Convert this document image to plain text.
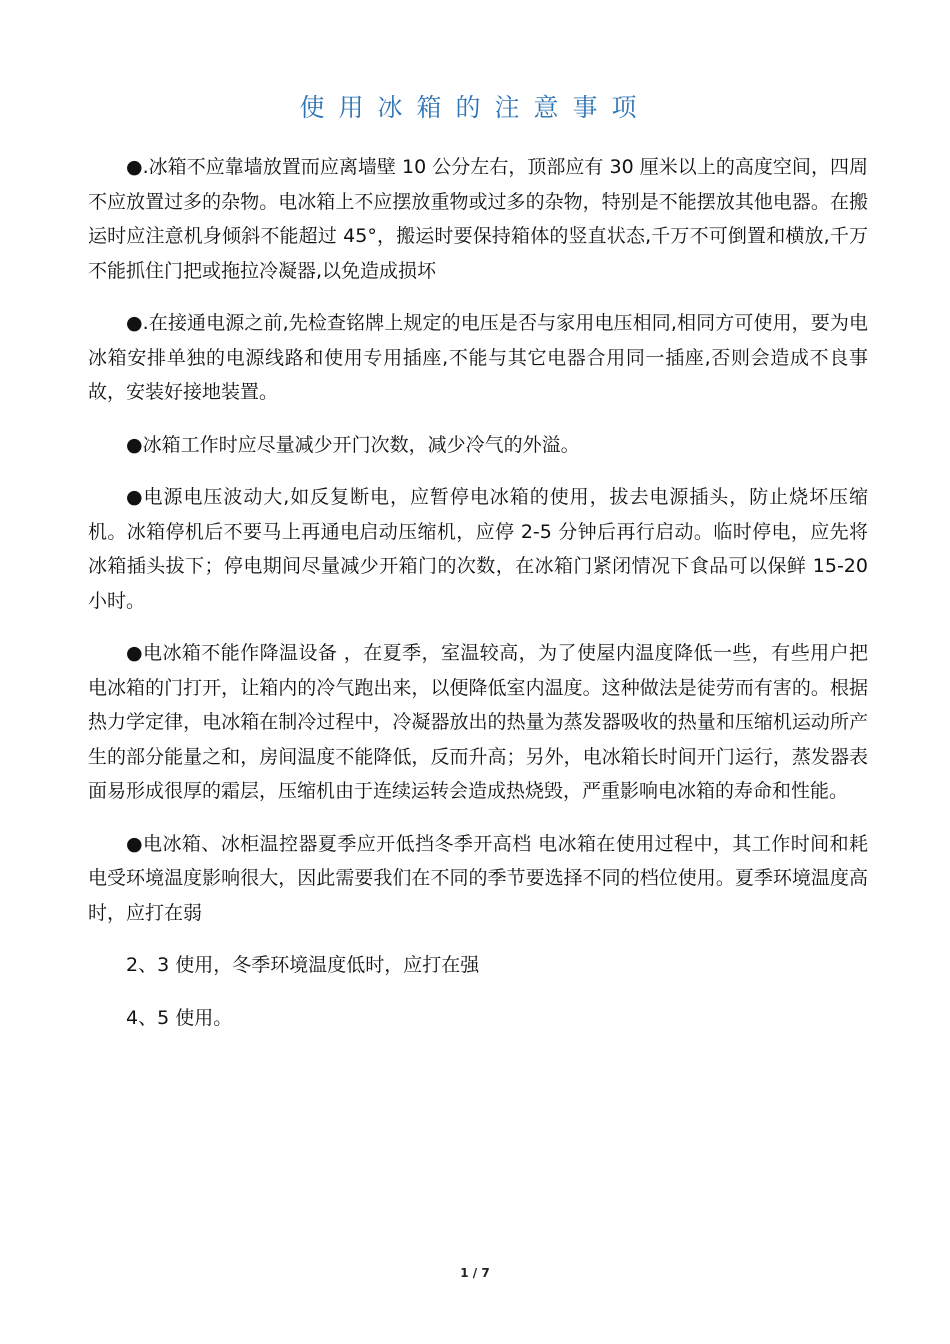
使用冰箱的注意事项

●.冰箱不应靠墙放置而应离墙壁 10 公分左右，顶部应有 30 厘米以上的高度空间，四周不应放置过多的杂物。电冰箱上不应摆放重物或过多的杂物，特别是不能摆放其他电器。在搬运时应注意机身倾斜不能超过 45°，搬运时要保持箱体的竖直状态,千万不可倒置和横放,千万不能抓住门把或拖拉冷凝器,以免造成损坏

●.在接通电源之前,先检查铭牌上规定的电压是否与家用电压相同,相同方可使用，要为电冰箱安排单独的电源线路和使用专用插座,不能与其它电器合用同一插座,否则会造成不良事故，安装好接地装置。

●冰箱工作时应尽量减少开门次数，减少冷气的外溢。

●电源电压波动大,如反复断电，应暂停电冰箱的使用，拔去电源插头，防止烧坏压缩机。冰箱停机后不要马上再通电启动压缩机，应停 2-5 分钟后再行启动。临时停电，应先将冰箱插头拔下；停电期间尽量减少开箱门的次数，在冰箱门紧闭情况下食品可以保鲜 15-20 小时。

●电冰箱不能作降温设备 ，在夏季，室温较高，为了使屋内温度降低一些，有些用户把电冰箱的门打开，让箱内的冷气跑出来，以便降低室内温度。这种做法是徒劳而有害的。根据热力学定律，电冰箱在制冷过程中，冷凝器放出的热量为蒸发器吸收的热量和压缩机运动所产生的部分能量之和，房间温度不能降低，反而升高；另外，电冰箱长时间开门运行，蒸发器表面易形成很厚的霜层，压缩机由于连续运转会造成热烧毁，严重影响电冰箱的寿命和性能。

●电冰箱、冰柜温控器夏季应开低挡冬季开高档 电冰箱在使用过程中，其工作时间和耗电受环境温度影响很大，因此需要我们在不同的季节要选择不同的档位使用。夏季环境温度高时，应打在弱

2、3 使用，冬季环境温度低时，应打在强

4、5 使用。

1 / 7
